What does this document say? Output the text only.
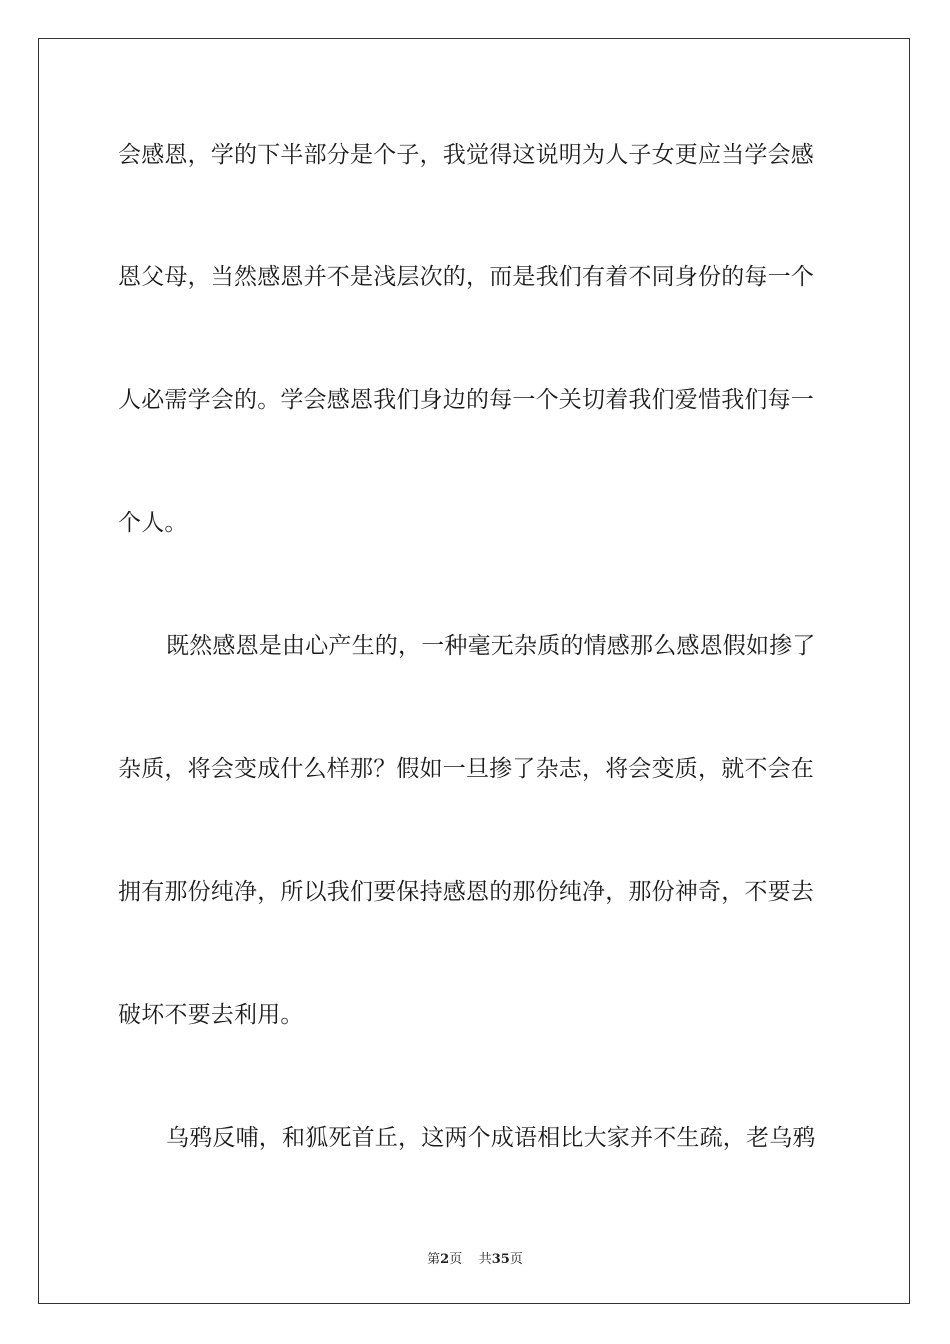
会感恩，学的下半部分是个子，我觉得这说明为人子女更应当学会感
恩父母，当然感恩并不是浅层次的，而是我们有着不同身份的每一个
人必需学会的。学会感恩我们身边的每一个关切着我们爱惜我们每一
个人。
既然感恩是由心产生的，一种毫无杂质的情感那么感恩假如掺了
杂质，将会变成什么样那？假如一旦掺了杂志，将会变质，就不会在
拥有那份纯净，所以我们要保持感恩的那份纯净，那份神奇，不要去
破坏不要去利用。
乌鸦反哺，和狐死首丘，这两个成语相比大家并不生疏，老乌鸦
第2页 共35页
